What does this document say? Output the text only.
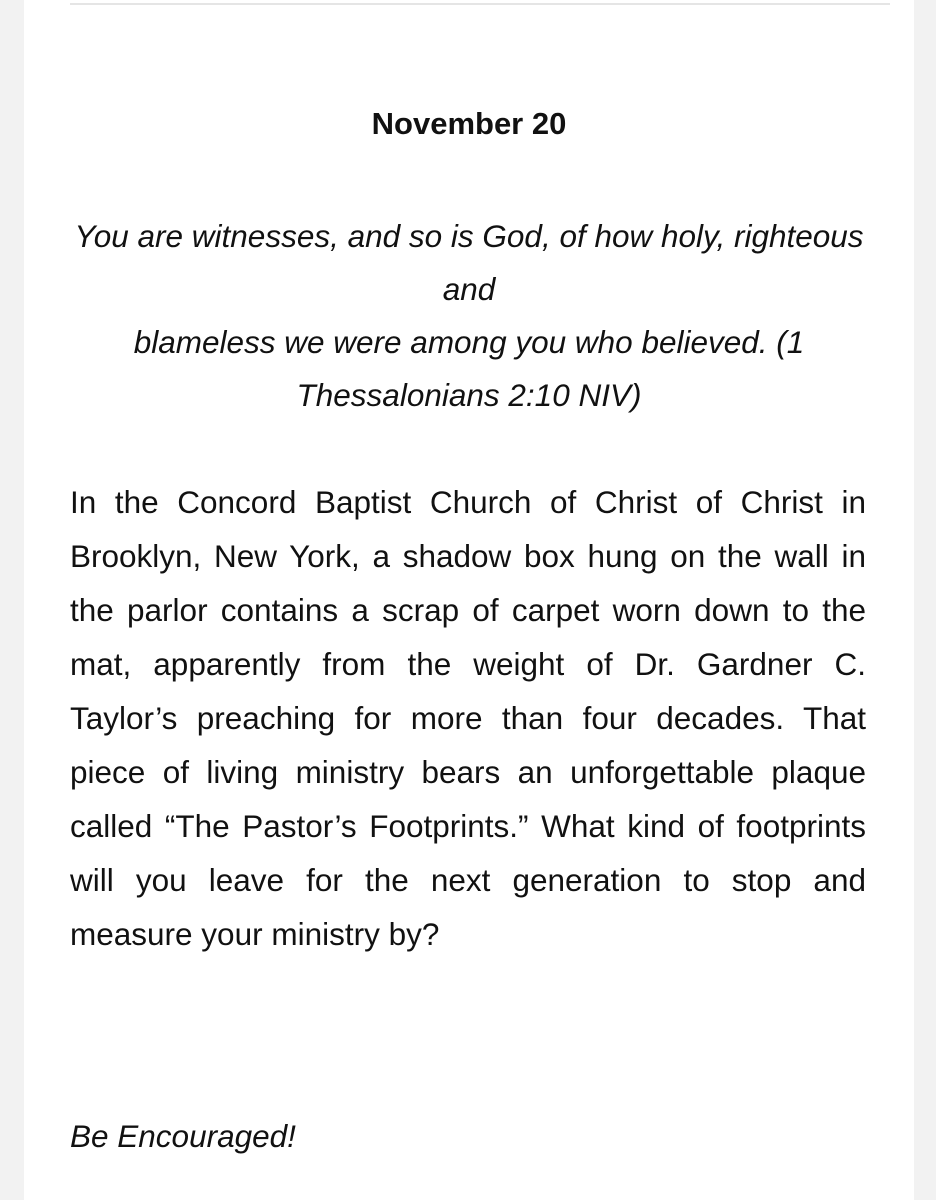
November 20

You are witnesses, and so is God, of how holy, righteous and
blameless we were among you who believed. (1 Thessalonians 2:10 NIV)

In the Concord Baptist Church of Christ of Christ in Brooklyn, New York, a shadow box hung on the wall in the parlor contains a scrap of carpet worn down to the mat, apparently from the weight of Dr. Gardner C. Taylor’s preaching for more than four decades. That piece of living ministry bears an unforgettable plaque called “The Pastor’s Footprints.” What kind of footprints will you leave for the next generation to stop and measure your ministry by?

Be Encouraged!
